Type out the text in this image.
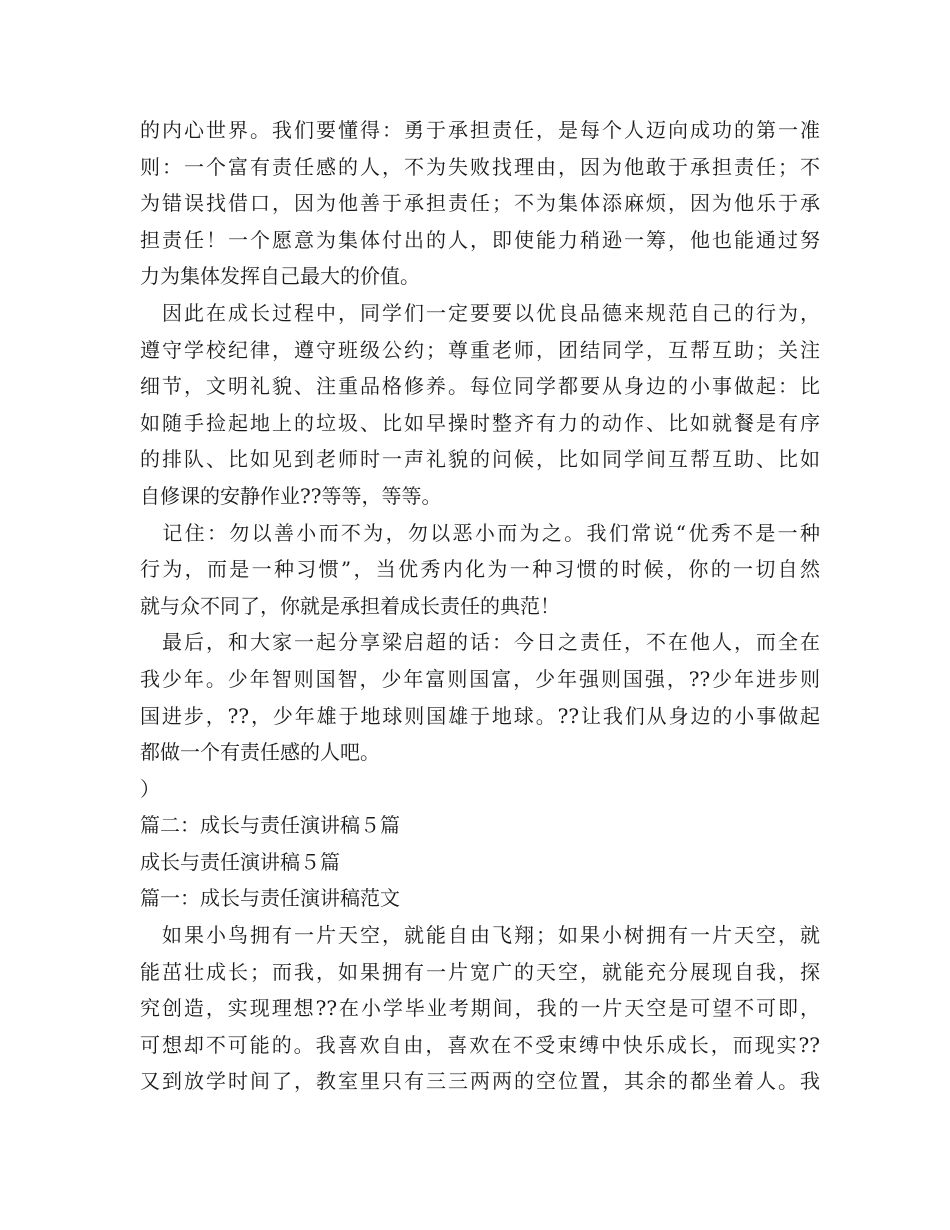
的内心世界。我们要懂得：勇于承担责任，是每个人迈向成功的第一准
则：一个富有责任感的人，不为失败找理由，因为他敢于承担责任；不
为错误找借口，因为他善于承担责任；不为集体添麻烦，因为他乐于承
担责任！一个愿意为集体付出的人，即使能力稍逊一筹，他也能通过努
力为集体发挥自己最大的价值。
　因此在成长过程中，同学们一定要要以优良品德来规范自己的行为，
遵守学校纪律，遵守班级公约；尊重老师，团结同学，互帮互助；关注
细节，文明礼貌、注重品格修养。每位同学都要从身边的小事做起：比
如随手捡起地上的垃圾、比如早操时整齐有力的动作、比如就餐是有序
的排队、比如见到老师时一声礼貌的问候，比如同学间互帮互助、比如
自修课的安静作业??等等，等等。
　记住：勿以善小而不为，勿以恶小而为之。我们常说“优秀不是一种
行为，而是一种习惯”，当优秀内化为一种习惯的时候，你的一切自然
就与众不同了，你就是承担着成长责任的典范！
　最后，和大家一起分享梁启超的话：今日之责任，不在他人，而全在
我少年。少年智则国智，少年富则国富，少年强则国强，??少年进步则
国进步，??，少年雄于地球则国雄于地球。??让我们从身边的小事做起
都做一个有责任感的人吧。
）
篇二：成长与责任演讲稿５篇
成长与责任演讲稿５篇
篇一：成长与责任演讲稿范文
　如果小鸟拥有一片天空，就能自由飞翔；如果小树拥有一片天空，就
能茁壮成长；而我，如果拥有一片宽广的天空，就能充分展现自我，探
究创造，实现理想??在小学毕业考期间，我的一片天空是可望不可即，
可想却不可能的。我喜欢自由，喜欢在不受束缚中快乐成长，而现实??
又到放学时间了，教室里只有三三两两的空位置，其余的都坐着人。我
